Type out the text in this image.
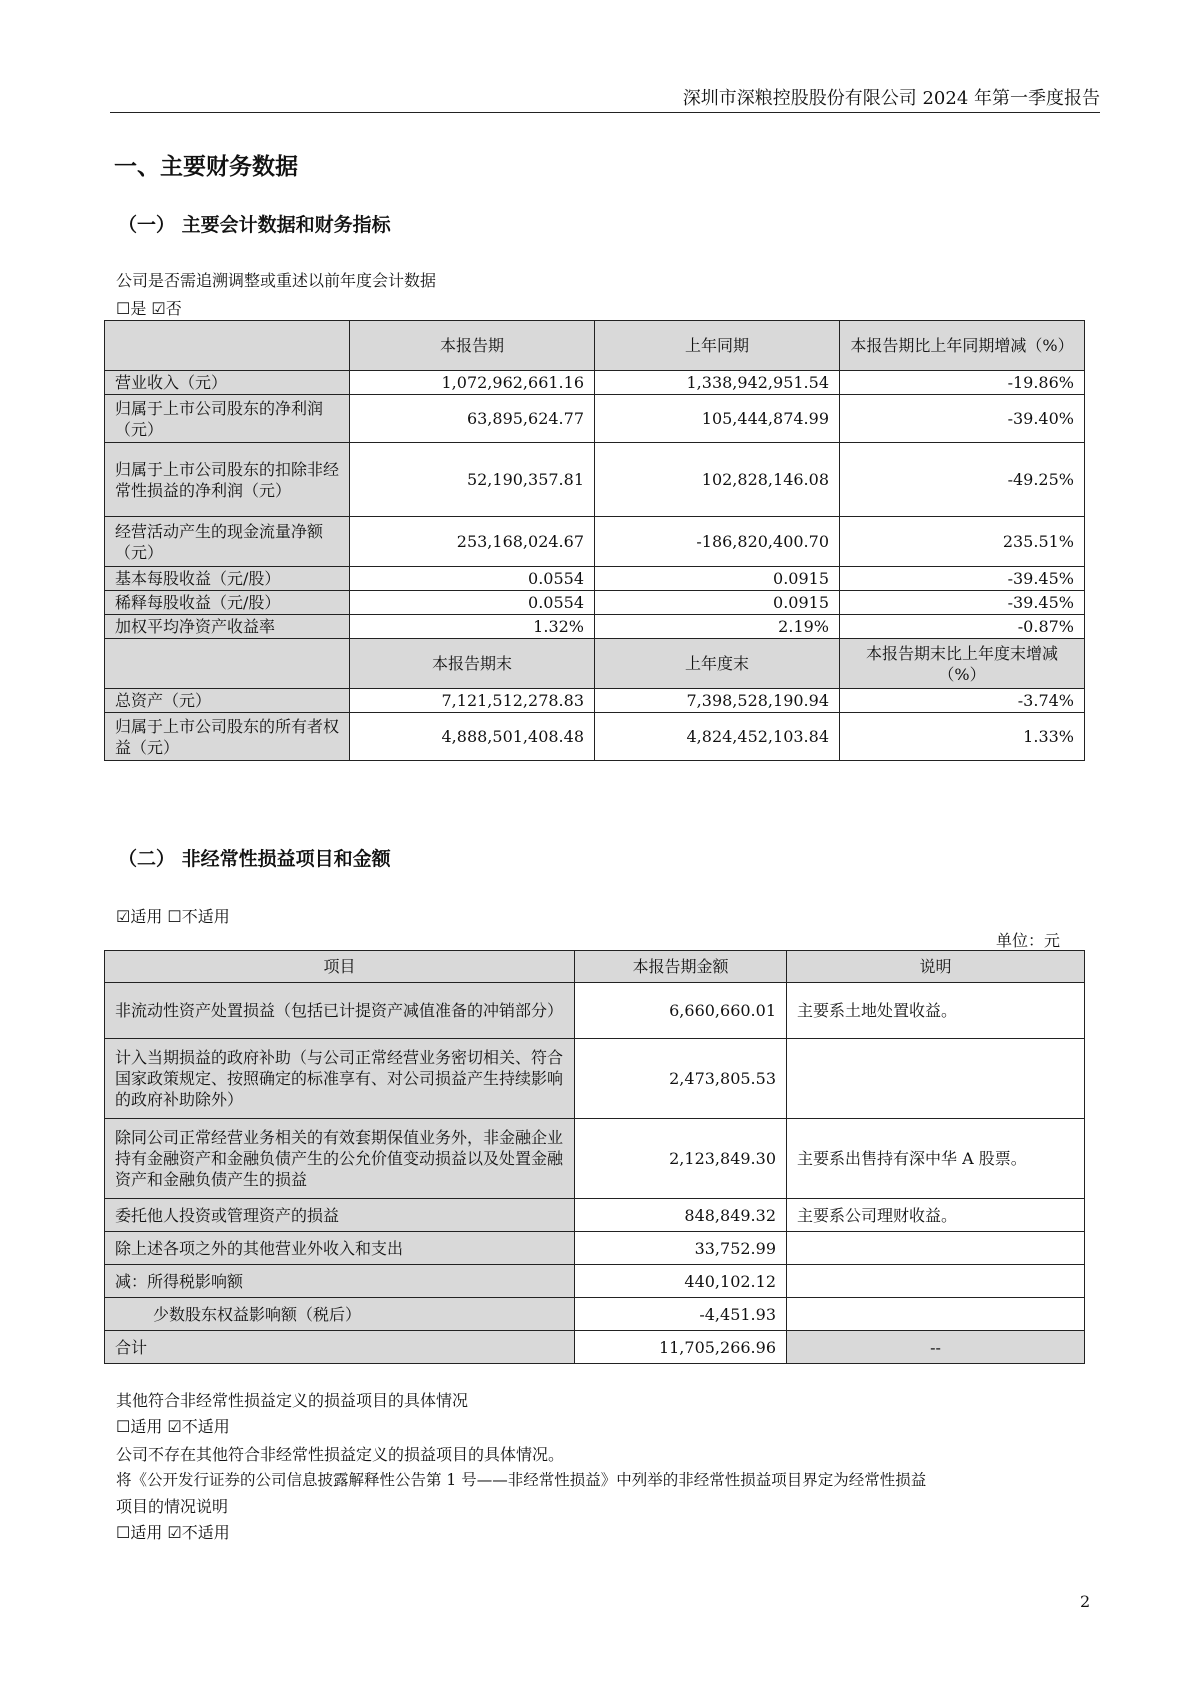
深圳市深粮控股股份有限公司 2024 年第一季度报告
一、主要财务数据
（一） 主要会计数据和财务指标
公司是否需追溯调整或重述以前年度会计数据
☐是 ☑否
	本报告期	上年同期	本报告期比上年同期增减（%）
营业收入（元）	1,072,962,661.16	1,338,942,951.54	-19.86%
归属于上市公司股东的净利润（元）	63,895,624.77	105,444,874.99	-39.40%
归属于上市公司股东的扣除非经常性损益的净利润（元）	52,190,357.81	102,828,146.08	-49.25%
经营活动产生的现金流量净额（元）	253,168,024.67	-186,820,400.70	235.51%
基本每股收益（元/股）	0.0554	0.0915	-39.45%
稀释每股收益（元/股）	0.0554	0.0915	-39.45%
加权平均净资产收益率	1.32%	2.19%	-0.87%
	本报告期末	上年度末	本报告期末比上年度末增减（%）
总资产（元）	7,121,512,278.83	7,398,528,190.94	-3.74%
归属于上市公司股东的所有者权益（元）	4,888,501,408.48	4,824,452,103.84	1.33%
（二） 非经常性损益项目和金额
☑适用 ☐不适用
单位：元
项目	本报告期金额	说明
非流动性资产处置损益（包括已计提资产减值准备的冲销部分）	6,660,660.01	主要系土地处置收益。
计入当期损益的政府补助（与公司正常经营业务密切相关、符合国家政策规定、按照确定的标准享有、对公司损益产生持续影响的政府补助除外）	2,473,805.53	
除同公司正常经营业务相关的有效套期保值业务外，非金融企业持有金融资产和金融负债产生的公允价值变动损益以及处置金融资产和金融负债产生的损益	2,123,849.30	主要系出售持有深中华 A 股票。
委托他人投资或管理资产的损益	848,849.32	主要系公司理财收益。
除上述各项之外的其他营业外收入和支出	33,752.99	
减：所得税影响额	440,102.12	
少数股东权益影响额（税后）	-4,451.93	
合计	11,705,266.96	--
其他符合非经常性损益定义的损益项目的具体情况
☐适用 ☑不适用
公司不存在其他符合非经常性损益定义的损益项目的具体情况。
将《公开发行证券的公司信息披露解释性公告第 1 号——非经常性损益》中列举的非经常性损益项目界定为经常性损益
项目的情况说明
☐适用 ☑不适用
2
